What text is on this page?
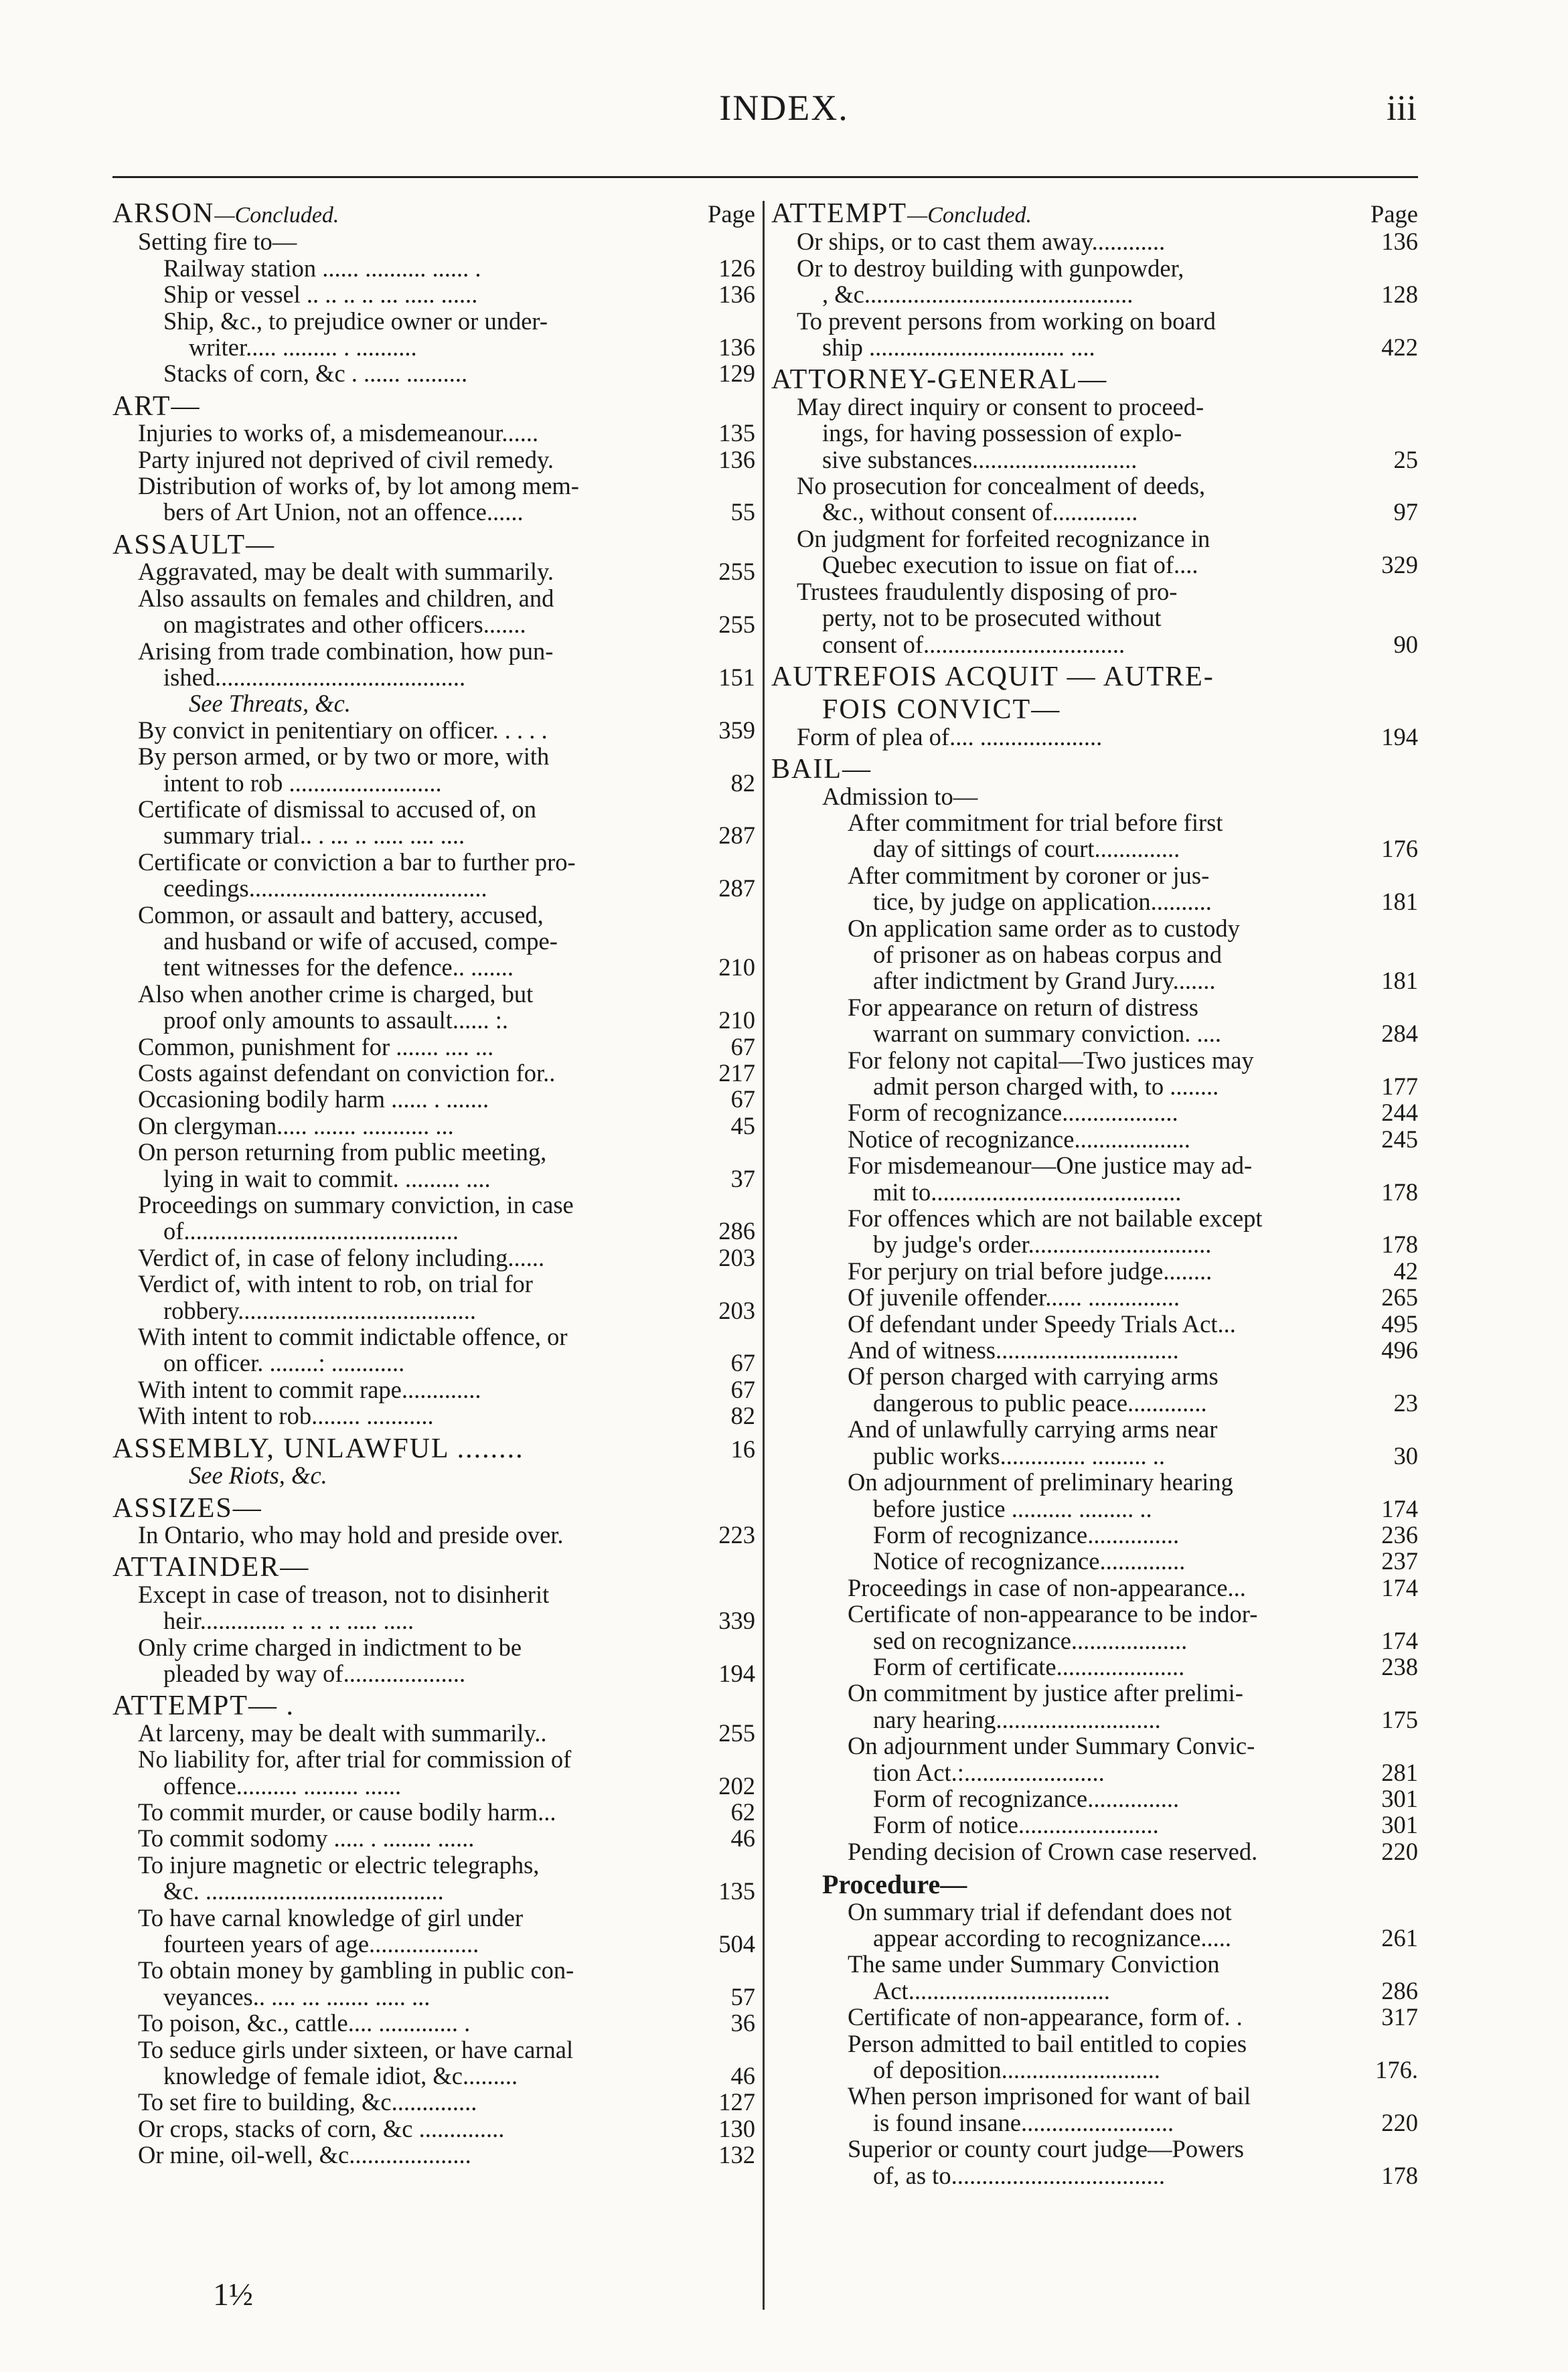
INDEX.	iii
ARSON—Concluded.	Page
Setting fire to—
Railway station ...... .......... ...... .	126
Ship or vessel .. .. .. .. ... ..... ......	136
Ship, &c., to prejudice owner or under-
writer..... ......... . ..........	136
Stacks of corn, &c . ...... ..........	129
ART—
Injuries to works of, a misdemeanour......	135
Party injured not deprived of civil remedy.	136
Distribution of works of, by lot among mem-
bers of Art Union, not an offence......	55
ASSAULT—
Aggravated, may be dealt with summarily.	255
Also assaults on females and children, and
on magistrates and other officers.......	255
Arising from trade combination, how pun-
ished.........................................	151
See Threats, &c.
By convict in penitentiary on officer. . . . .	359
By person armed, or by two or more, with
intent to rob .........................	82
Certificate of dismissal to accused of, on
summary trial.. . ... .. ..... .... ....	287
Certificate or conviction a bar to further pro-
ceedings.......................................	287
Common, or assault and battery, accused,
and husband or wife of accused, compe-
tent witnesses for the defence.. .......	210
Also when another crime is charged, but
proof only amounts to assault...... :.	210
Common, punishment for ....... .... ...	67
Costs against defendant on conviction for..	217
Occasioning bodily harm ...... . .......	67
On clergyman..... ....... ........... ...	45
On person returning from public meeting,
lying in wait to commit. ......... ....	37
Proceedings on summary conviction, in case
of.............................................	286
Verdict of, in case of felony including......	203
Verdict of, with intent to rob, on trial for
robbery.......................................	203
With intent to commit indictable offence, or
on officer. ........: ............	67
With intent to commit rape.............	67
With intent to rob........ ...........	82
ASSEMBLY, UNLAWFUL ........	16
See Riots, &c.
ASSIZES—
In Ontario, who may hold and preside over.	223
ATTAINDER—
Except in case of treason, not to disinherit
heir.............. .. .. .. ..... .....	339
Only crime charged in indictment to be
pleaded by way of....................	194
ATTEMPT— .
At larceny, may be dealt with summarily..	255
No liability for, after trial for commission of
offence.......... ......... ......	202
To commit murder, or cause bodily harm...	62
To commit sodomy ..... . ........ ......	46
To injure magnetic or electric telegraphs,
&c. .......................................	135
To have carnal knowledge of girl under
fourteen years of age..................	504
To obtain money by gambling in public con-
veyances.. .... ... ....... ..... ...	57
To poison, &c., cattle.... ............. .	36
To seduce girls under sixteen, or have carnal
knowledge of female idiot, &c.........	46
To set fire to building, &c..............	127
Or crops, stacks of corn, &c ..............	130
Or mine, oil-well, &c....................	132
ATTEMPT—Concluded.	Page
Or ships, or to cast them away............	136
Or to destroy building with gunpowder,
, &c............................................	128
To prevent persons from working on board
ship ................................ ....	422
ATTORNEY-GENERAL—
May direct inquiry or consent to proceed-
ings, for having possession of explo-
sive substances...........................	25
No prosecution for concealment of deeds,
&c., without consent of..............	97
On judgment for forfeited recognizance in
Quebec execution to issue on fiat of....	329
Trustees fraudulently disposing of pro-
perty, not to be prosecuted without
consent of.................................	90
AUTREFOIS ACQUIT — AUTRE-
FOIS CONVICT—
Form of plea of.... ....................	194
BAIL—
Admission to—
After commitment for trial before first
day of sittings of court..............	176
After commitment by coroner or jus-
tice, by judge on application..........	181
On application same order as to custody
of prisoner as on habeas corpus and
after indictment by Grand Jury.......	181
For appearance on return of distress
warrant on summary conviction. ....	284
For felony not capital—Two justices may
admit person charged with, to ........	177
Form of recognizance...................	244
Notice of recognizance...................	245
For misdemeanour—One justice may ad-
mit to.........................................	178
For offences which are not bailable except
by judge's order..............................	178
For perjury on trial before judge........	42
Of juvenile offender...... ...............	265
Of defendant under Speedy Trials Act...	495
And of witness..............................	496
Of person charged with carrying arms
dangerous to public peace.............	23
And of unlawfully carrying arms near
public works.............. ......... ..	30
On adjournment of preliminary hearing
before justice .......... ......... ..	174
Form of recognizance...............	236
Notice of recognizance..............	237
Proceedings in case of non-appearance...	174
Certificate of non-appearance to be indor-
sed on recognizance...................	174
Form of certificate.....................	238
On commitment by justice after prelimi-
nary hearing...........................	175
On adjournment under Summary Convic-
tion Act.:.......................	281
Form of recognizance...............	301
Form of notice.......................	301
Pending decision of Crown case reserved.	220
Procedure—
On summary trial if defendant does not
appear according to recognizance.....	261
The same under Summary Conviction
Act.................................	286
Certificate of non-appearance, form of. .	317
Person admitted to bail entitled to copies
of deposition..........................	176.
When person imprisoned for want of bail
is found insane.........................	220
Superior or county court judge—Powers
of, as to...................................	178
1½
